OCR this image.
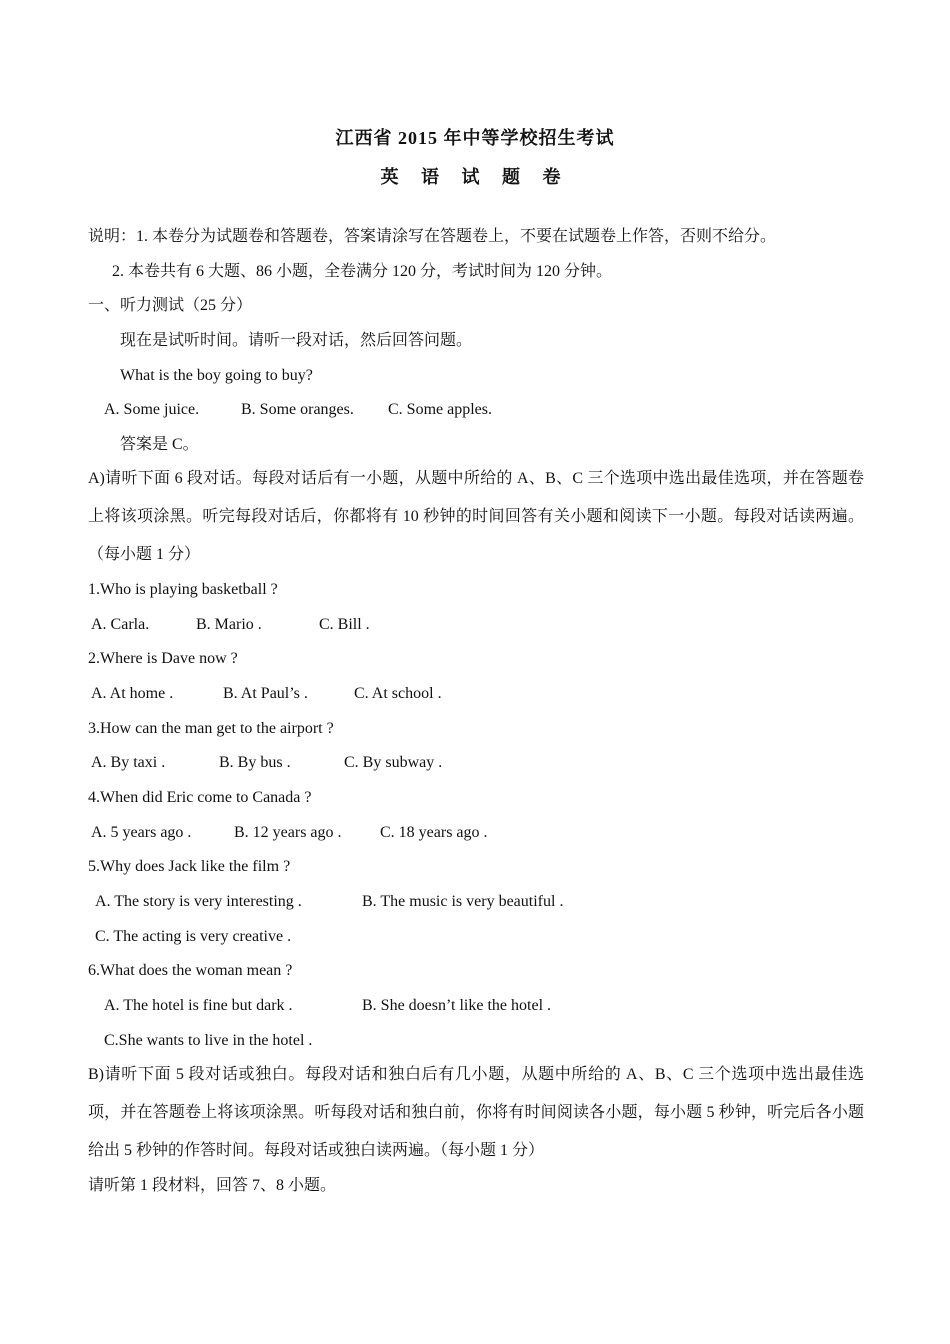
江西省 2015 年中等学校招生考试
英 语 试 题 卷
说明：1. 本卷分为试题卷和答题卷，答案请涂写在答题卷上，不要在试题卷上作答，否则不给分。
2. 本卷共有 6 大题、86 小题，全卷满分 120 分，考试时间为 120 分钟。
一、听力测试（25 分）
现在是试听时间。请听一段对话，然后回答问题。
What is the boy going to buy?
A. Some juice.	B. Some oranges. C. Some apples.
答案是 C。
A)请听下面 6 段对话。每段对话后有一小题，从题中所给的 A、B、C 三个选项中选出最佳选项，并在答题卷上将该项涂黑。听完每段对话后，你都将有 10 秒钟的时间回答有关小题和阅读下一小题。每段对话读两遍。（每小题 1 分）
1.Who is playing basketball ?
A. Carla.	B. Mario .	C. Bill .
2.Where is Dave now ?
A. At home .	B. At Paul’s .	C. At school .
3.How can the man get to the airport ?
A. By taxi .	B. By bus .	C. By subway .
4.When did Eric come to Canada ?
A. 5 years ago .	B. 12 years ago . C. 18 years ago .
5.Why does Jack like the film ?
A. The story is very interesting .	B. The music is very beautiful .
C. The acting is very creative .
6.What does the woman mean ?
A. The hotel is fine but dark .	B. She doesn’t like the hotel .
C.She wants to live in the hotel .
B)请听下面 5 段对话或独白。每段对话和独白后有几小题，从题中所给的 A、B、C 三个选项中选出最佳选项，并在答题卷上将该项涂黑。听每段对话和独白前，你将有时间阅读各小题，每小题 5 秒钟，听完后各小题给出 5 秒钟的作答时间。每段对话或独白读两遍。（每小题 1 分）
请听第 1 段材料，回答 7、8 小题。
